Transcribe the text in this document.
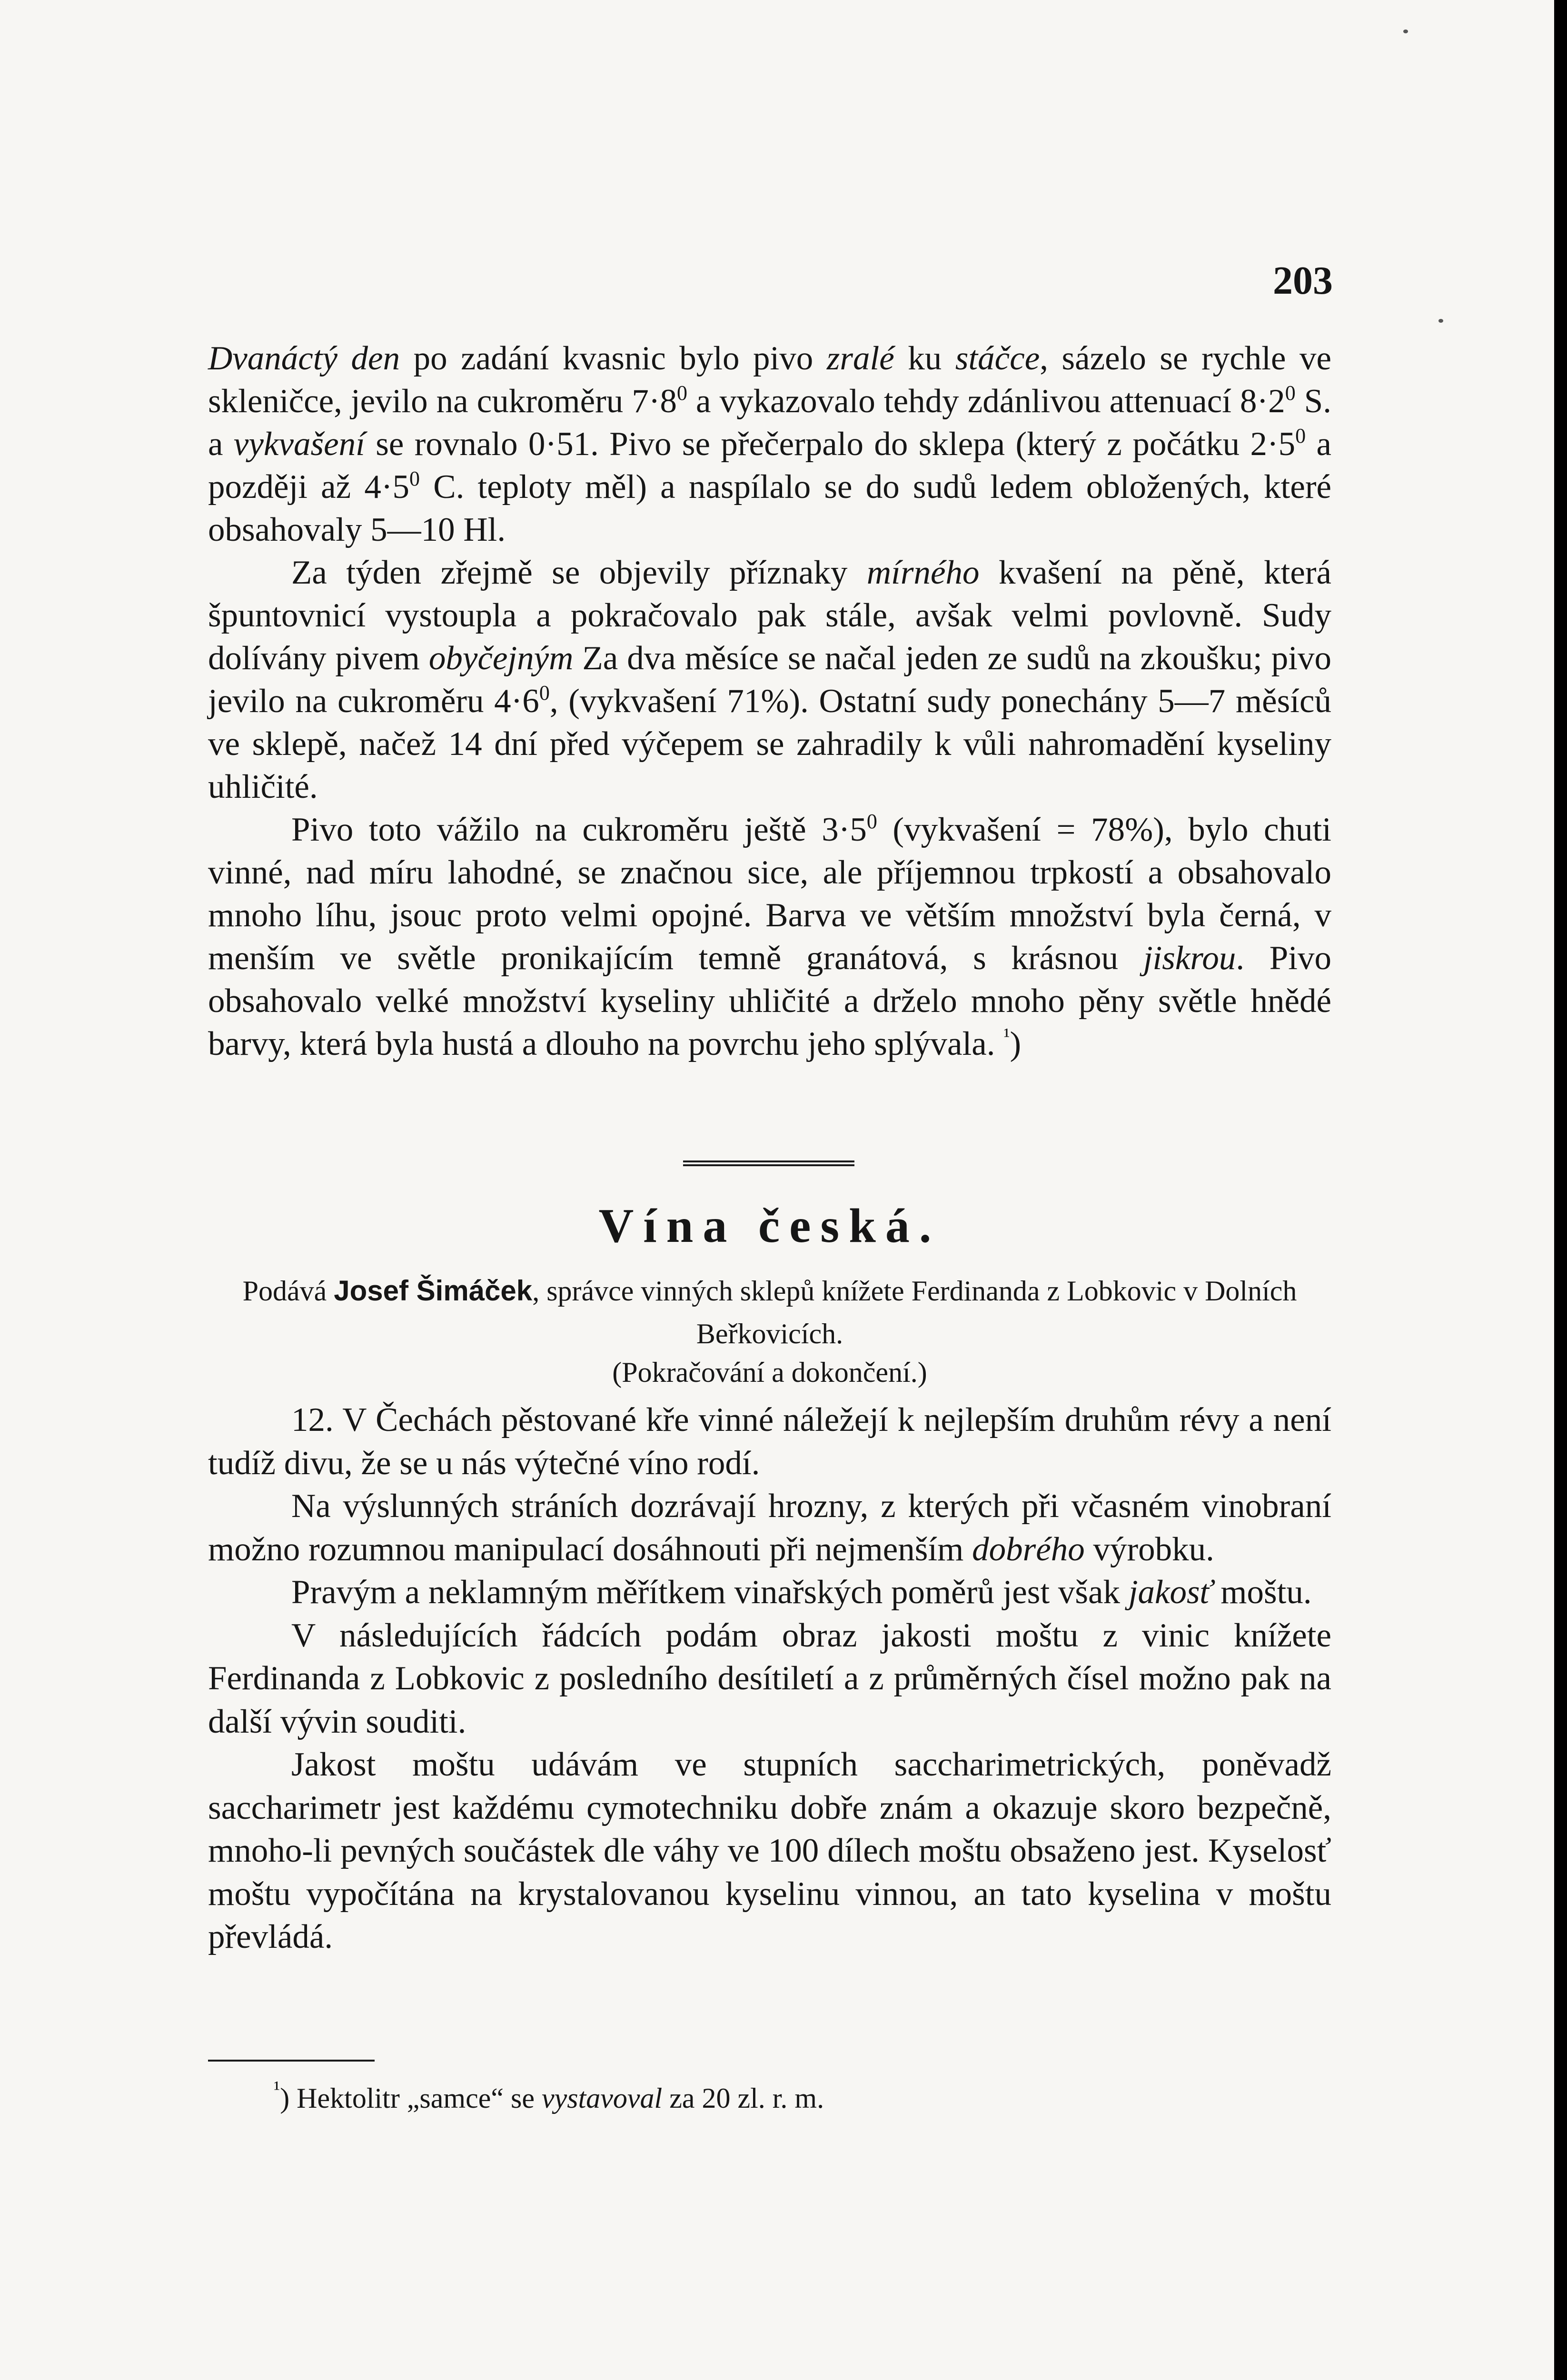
203

Dvanáctý den po zadání kvasnic bylo pivo zralé ku stáčce, sázelo se rychle ve skleničce, jevilo na cukroměru $7\cdot 8^0$ a vykazovalo tehdy zdánlivou attenuací $8\cdot 2^0$ S. a vykvašení se rovnalo 0·51. Pivo se přečerpalo do sklepa (který z počátku $2\cdot 5^0$ a později až $4\cdot 5^0$ C. teploty měl) a naspílalo se do sudů ledem obložených, které obsahovaly 5—10 Hl.

Za týden zřejmě se objevily příznaky mírného kvašení na pěně, která špuntovnicí vystoupla a pokračovalo pak stále, avšak velmi povlovně. Sudy dolívány pivem obyčejným Za dva měsíce se načal jeden ze sudů na zkoušku; pivo jevilo na cukroměru $4\cdot 6^0$, (vykvašení 71%). Ostatní sudy ponechány 5—7 měsíců ve sklepě, načež 14 dní před výčepem se zahradily k vůli nahromadění kyseliny uhličité.

Pivo toto vážilo na cukroměru ještě $3\cdot 5^0$ (vykvašení = 78%), bylo chuti vinné, nad míru lahodné, se značnou sice, ale příjemnou trpkostí a obsahovalo mnoho líhu, jsouc proto velmi opojné. Barva ve větším množství byla černá, v menším ve světle pronikajícím temně granátová, s krásnou jiskrou. Pivo obsahovalo velké množství kyseliny uhličité a drželo mnoho pěny světle hnědé barvy, která byla hustá a dlouho na povrchu jeho splývala. $^{^1}$)

Vína česká.
Podává Josef Šimáček, správce vinných sklepů knížete Ferdinanda z Lobkovic v Dolních Beřkovicích.
(Pokračování a dokončení.)

12. V Čechách pěstované kře vinné náležejí k nejlepším druhům révy a není tudíž divu, že se u nás výtečné víno rodí.

Na výslunných stráních dozrávají hrozny, z kterých při včasném vinobraní možno rozumnou manipulací dosáhnouti při nejmenším dobrého výrobku.

Pravým a neklamným měřítkem vinařských poměrů jest však jakosť moštu.

V následujících řádcích podám obraz jakosti moštu z vinic knížete Ferdinanda z Lobkovic z posledního desítiletí a z průměrných čísel možno pak na další vývin souditi.

Jakost moštu udávám ve stupních saccharimetrických, poněvadž saccharimetr jest každému cymotechniku dobře znám a okazuje skoro bezpečně, mnoho-li pevných součástek dle váhy ve 100 dílech moštu obsaženo jest. Kyselosť moštu vypočítána na krystalovanou kyselinu vinnou, an tato kyselina v moštu převládá.

$^{^1}$) Hektolitr „samce“ se vystavoval za 20 zl. r. m.
